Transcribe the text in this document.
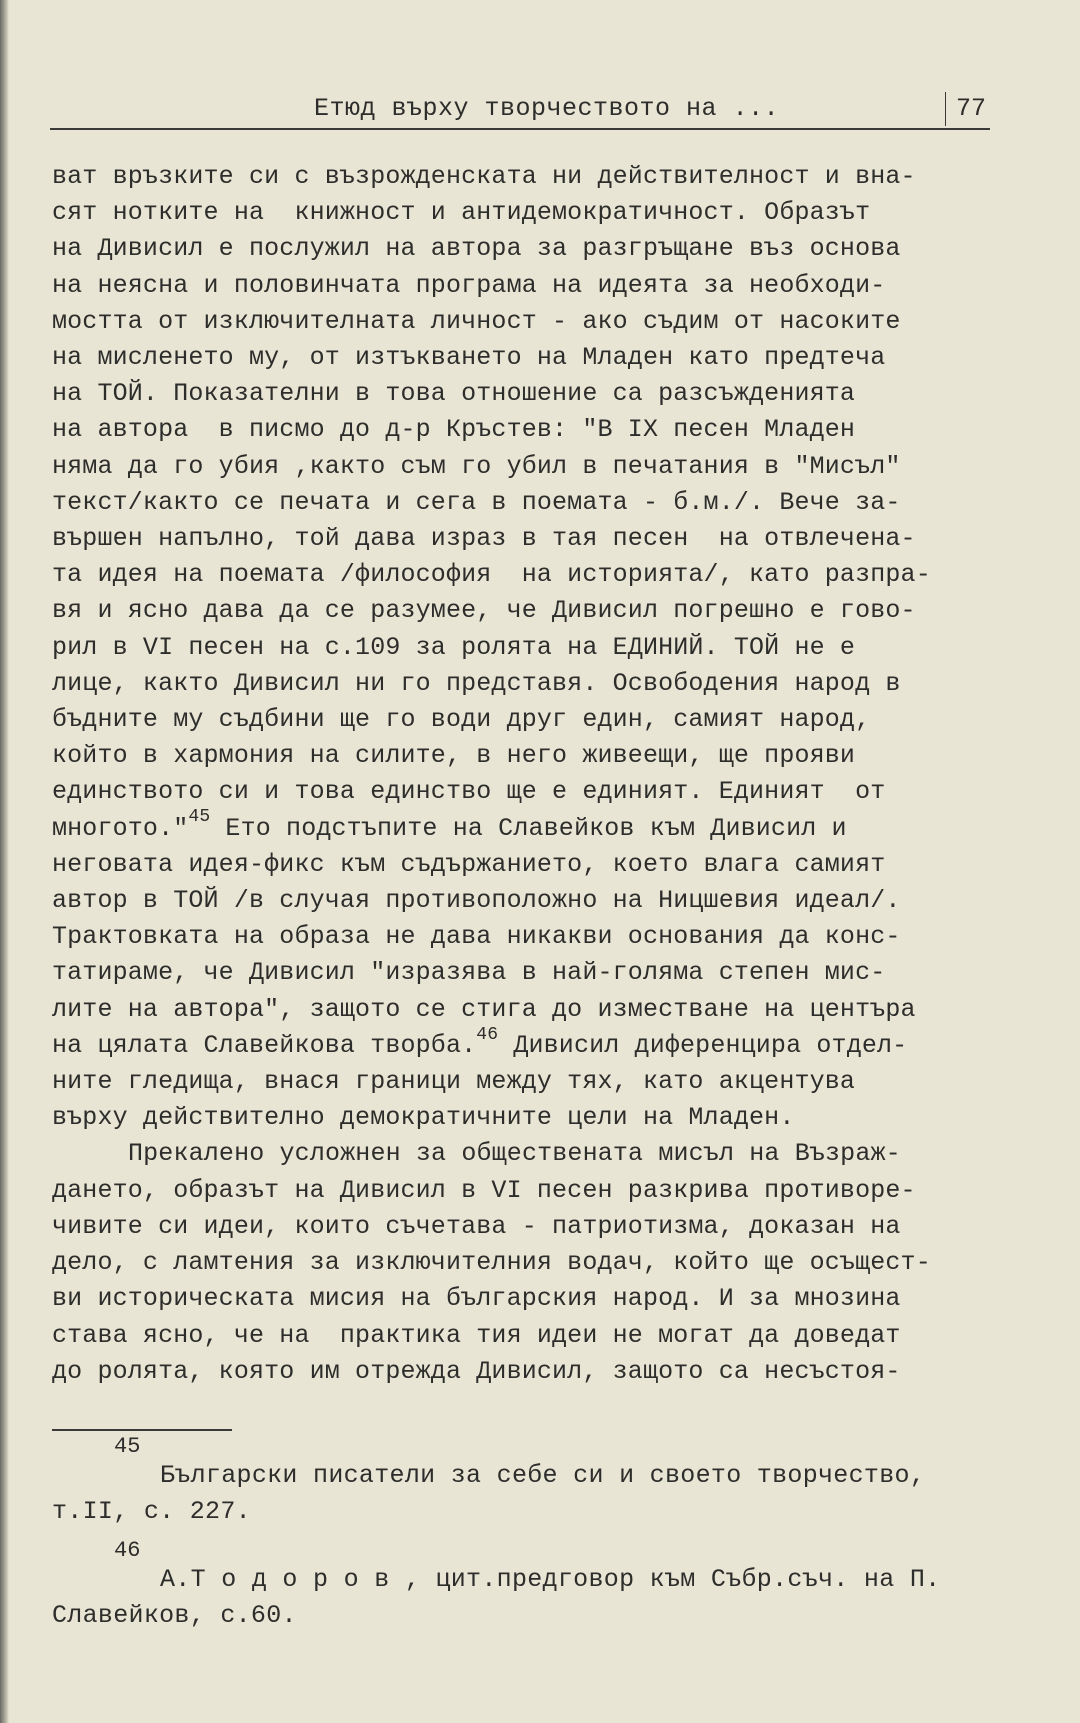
Етюд върху творчеството на ...	77
ват връзките си с възрожденската ни действителност и вна-
сят нотките на  книжност и антидемократичност. Образът
на Дивисил е послужил на автора за разгръщане въз основа
на неясна и половинчата програма на идеята за необходи-
мостта от изключителната личност - ако съдим от насоките
на мисленето му, от изтъкването на Младен като предтеча
на ТОЙ. Показателни в това отношение са разсъжденията
на автора  в писмо до д-р Кръстев: "В IX песен Младен
няма да го убия ,както съм го убил в печатания в "Мисъл"
текст/както се печата и сега в поемата - б.м./. Вече за-
вършен напълно, той дава израз в тая песен  на отвлечена-
та идея на поемата /философия  на историята/, като разпра-
вя и ясно дава да се разумее, че Дивисил погрешно е гово-
рил в VI песен на с.109 за ролята на ЕДИНИЙ. ТОЙ не е
лице, както Дивисил ни го представя. Освободения народ в
бъдните му съдбини ще го води друг един, самият народ,
който в хармония на силите, в него живеещи, ще прояви
единството си и това единство ще е единият. Единият  от
многото."$^{45}$ Ето подстъпите на Славейков към Дивисил и
неговата идея-фикс към съдържанието, което влага самият
автор в ТОЙ /в случая противоположно на Ницшевия идеал/.
Трактовката на образа не дава никакви основания да конс-
татираме, че Дивисил "изразява в най-голяма степен мис-
лите на автора", защото се стига до изместване на центъра
на цялата Славейкова творба.$^{46}$ Дивисил диференцира отдел-
ните гледища, внася граници между тях, като акцентува
върху действително демократичните цели на Младен.
Прекалено усложнен за обществената мисъл на Възраж-
дането, образът на Дивисил в VI песен разкрива противоре-
чивите си идеи, които съчетава - патриотизма, доказан на
дело, с ламтения за изключителния водач, който ще осъщест-
ви историческата мисия на българския народ. И за мнозина
става ясно, че на  практика тия идеи не могат да доведат
до ролята, която им отрежда Дивисил, защото са несъстоя-
45
Български писатели за себе си и своето творчество,
т.II, с. 227.
46
А.Т о д о р о в , цит.предговор към Събр.съч. на П.
Славейков, с.60.
